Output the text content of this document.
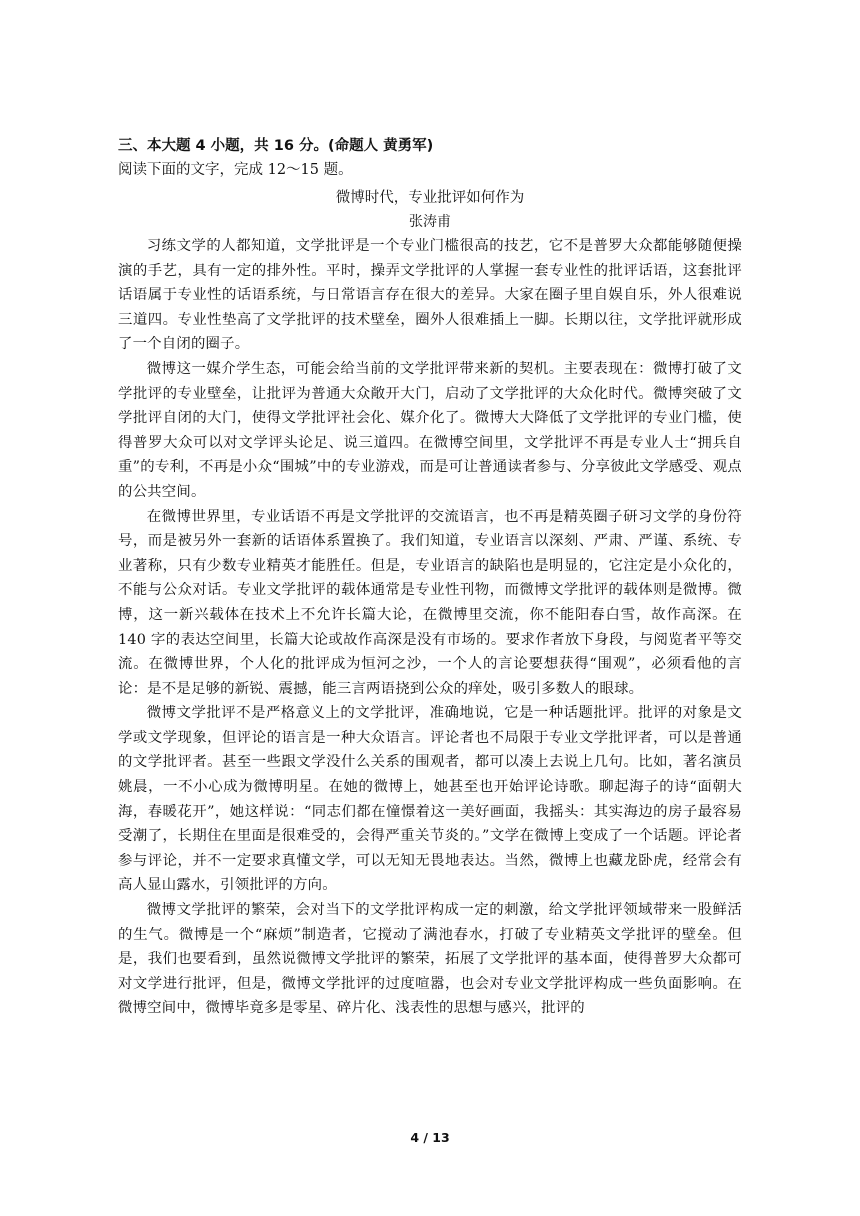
三、本大题 4 小题，共 16 分。(命题人 黄勇军)

阅读下面的文字，完成 12～15 题。

微博时代，专业批评如何作为

张涛甫

习练文学的人都知道，文学批评是一个专业门槛很高的技艺，它不是普罗大众都能够随便操演的手艺，具有一定的排外性。平时，操弄文学批评的人掌握一套专业性的批评话语，这套批评话语属于专业性的话语系统，与日常语言存在很大的差异。大家在圈子里自娱自乐，外人很难说三道四。专业性垫高了文学批评的技术壁垒，圈外人很难插上一脚。长期以往，文学批评就形成了一个自闭的圈子。

微博这一媒介学生态，可能会给当前的文学批评带来新的契机。主要表现在：微博打破了文学批评的专业壁垒，让批评为普通大众敞开大门，启动了文学批评的大众化时代。微博突破了文学批评自闭的大门，使得文学批评社会化、媒介化了。微博大大降低了文学批评的专业门槛，使得普罗大众可以对文学评头论足、说三道四。在微博空间里，文学批评不再是专业人士“拥兵自重”的专利，不再是小众“围城”中的专业游戏，而是可让普通读者参与、分享彼此文学感受、观点的公共空间。

在微博世界里，专业话语不再是文学批评的交流语言，也不再是精英圈子研习文学的身份符号，而是被另外一套新的话语体系置换了。我们知道，专业语言以深刻、严肃、严谨、系统、专业著称，只有少数专业精英才能胜任。但是，专业语言的缺陷也是明显的，它注定是小众化的，不能与公众对话。专业文学批评的载体通常是专业性刊物，而微博文学批评的载体则是微博。微博，这一新兴载体在技术上不允许长篇大论，在微博里交流，你不能阳春白雪，故作高深。在 140 字的表达空间里，长篇大论或故作高深是没有市场的。要求作者放下身段，与阅览者平等交流。在微博世界，个人化的批评成为恒河之沙，一个人的言论要想获得“围观”，必须看他的言论：是不是足够的新锐、震撼，能三言两语挠到公众的痒处，吸引多数人的眼球。

微博文学批评不是严格意义上的文学批评，准确地说，它是一种话题批评。批评的对象是文学或文学现象，但评论的语言是一种大众语言。评论者也不局限于专业文学批评者，可以是普通的文学批评者。甚至一些跟文学没什么关系的围观者，都可以凑上去说上几句。比如，著名演员姚晨，一不小心成为微博明星。在她的微博上，她甚至也开始评论诗歌。聊起海子的诗“面朝大海，春暖花开”，她这样说：“同志们都在憧憬着这一美好画面，我摇头：其实海边的房子最容易受潮了，长期住在里面是很难受的，会得严重关节炎的。”文学在微博上变成了一个话题。评论者参与评论，并不一定要求真懂文学，可以无知无畏地表达。当然，微博上也藏龙卧虎，经常会有高人显山露水，引领批评的方向。

微博文学批评的繁荣，会对当下的文学批评构成一定的刺激，给文学批评领域带来一股鲜活的生气。微博是一个“麻烦”制造者，它搅动了满池春水，打破了专业精英文学批评的壁垒。但是，我们也要看到，虽然说微博文学批评的繁荣，拓展了文学批评的基本面，使得普罗大众都可对文学进行批评，但是，微博文学批评的过度喧嚣，也会对专业文学批评构成一些负面影响。在微博空间中，微博毕竟多是零星、碎片化、浅表性的思想与感兴，批评的

4 / 13
